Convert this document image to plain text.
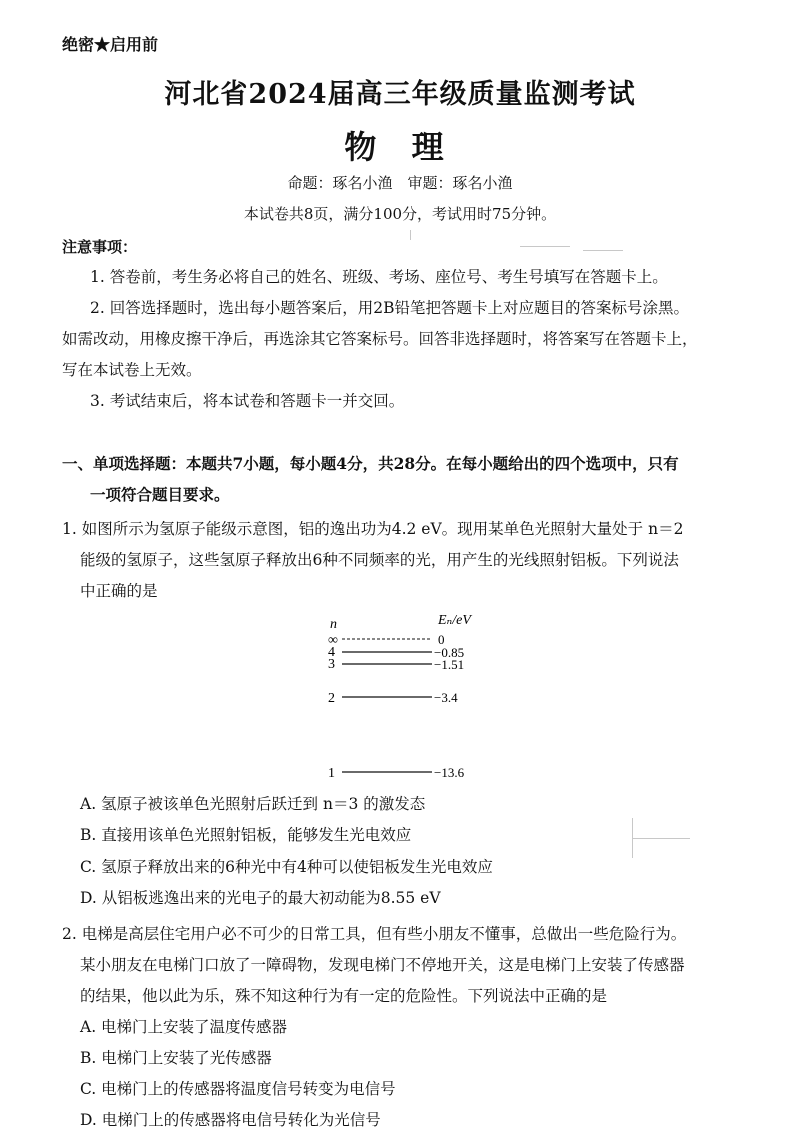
绝密★启用前
河北省2024届高三年级质量监测考试
物 理
命题：琢名小渔　审题：琢名小渔
本试卷共8页，满分100分，考试用时75分钟。
注意事项：
1. 答卷前，考生务必将自己的姓名、班级、考场、座位号、考生号填写在答题卡上。
2. 回答选择题时，选出每小题答案后，用2B铅笔把答题卡上对应题目的答案标号涂黑。
如需改动，用橡皮擦干净后，再选涂其它答案标号。回答非选择题时，将答案写在答题卡上，
写在本试卷上无效。
3. 考试结束后，将本试卷和答题卡一并交回。
一、单项选择题：本题共7小题，每小题4分，共28分。在每小题给出的四个选项中，只有
一项符合题目要求。
1. 如图所示为氢原子能级示意图，铝的逸出功为4.2 eV。现用某单色光照射大量处于 n＝2
能级的氢原子，这些氢原子释放出6种不同频率的光，用产生的光线照射铝板。下列说法
中正确的是
n	Eₙ/eV
∞	0
4	−0.85
3	−1.51
2	−3.4
1	−13.6
A. 氢原子被该单色光照射后跃迁到 n＝3 的激发态
B. 直接用该单色光照射铝板，能够发生光电效应
C. 氢原子释放出来的6种光中有4种可以使铝板发生光电效应
D. 从铝板逃逸出来的光电子的最大初动能为8.55 eV
2. 电梯是高层住宅用户必不可少的日常工具，但有些小朋友不懂事，总做出一些危险行为。
某小朋友在电梯门口放了一障碍物，发现电梯门不停地开关，这是电梯门上安装了传感器
的结果，他以此为乐，殊不知这种行为有一定的危险性。下列说法中正确的是
A. 电梯门上安装了温度传感器
B. 电梯门上安装了光传感器
C. 电梯门上的传感器将温度信号转变为电信号
D. 电梯门上的传感器将电信号转化为光信号
